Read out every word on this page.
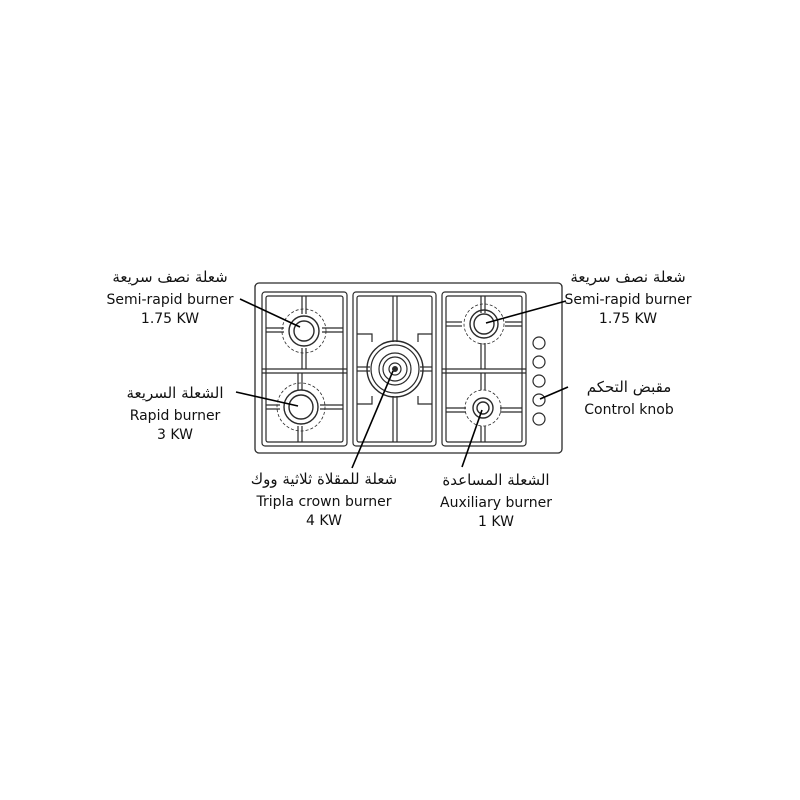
شعلة نصف سريعة
Semi-rapid burner
1.75 KW
الشعلة السريعة
Rapid burner
3 KW
شعلة للمقلاة ثلاثية ووك
Tripla crown burner
4 KW
الشعلة المساعدة
Auxiliary burner
1 KW
شعلة نصف سريعة
Semi-rapid burner
1.75 KW
مقبض التحكم
Control knob
